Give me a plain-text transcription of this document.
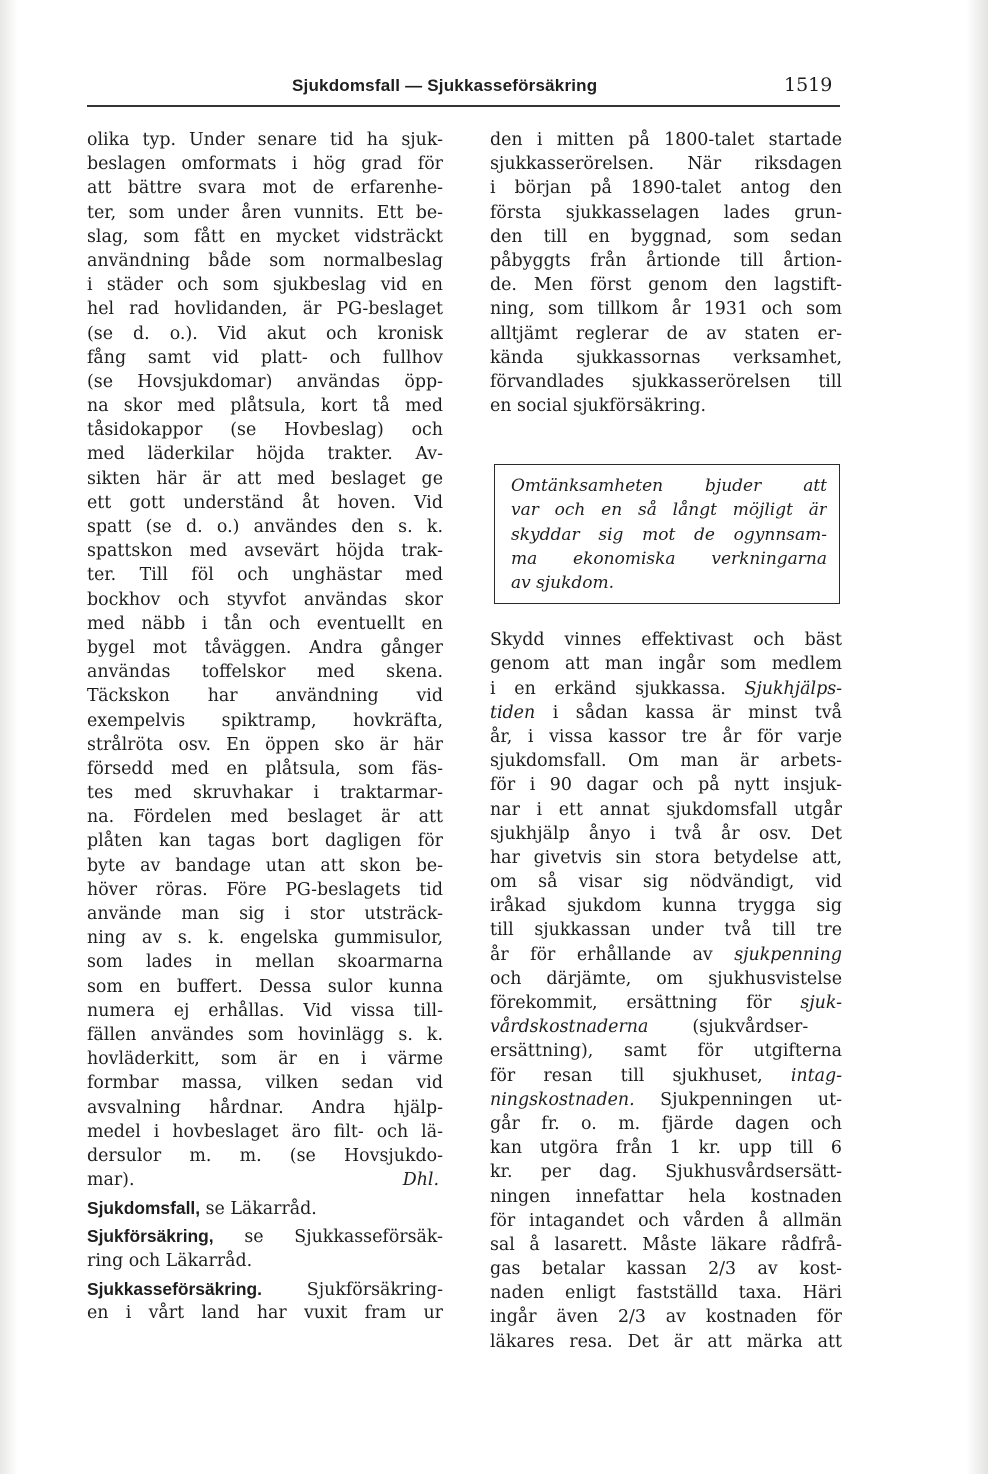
Sjukdomsfall — Sjukkasseförsäkring	1519
olika typ. Under senare tid ha sjuk-
beslagen omformats i hög grad för
att bättre svara mot de erfarenhe-
ter, som under åren vunnits. Ett be-
slag, som fått en mycket vidsträckt
användning både som normalbeslag
i städer och som sjukbeslag vid en
hel rad hovlidanden, är PG-beslaget
(se d. o.). Vid akut och kronisk
fång samt vid platt- och fullhov
(se Hovsjukdomar) användas öpp-
na skor med plåtsula, kort tå med
tåsidokappor (se Hovbeslag) och
med läderkilar höjda trakter. Av-
sikten här är att med beslaget ge
ett gott underständ åt hoven. Vid
spatt (se d. o.) användes den s. k.
spattskon med avsevärt höjda trak-
ter. Till föl och unghästar med
bockhov och styvfot användas skor
med näbb i tån och eventuellt en
bygel mot tåväggen. Andra gånger
användas toffelskor med skena.
Täckskon har användning vid
exempelvis spiktramp, hovkräfta,
strålröta osv. En öppen sko är här
försedd med en plåtsula, som fäs-
tes med skruvhakar i traktarmar-
na. Fördelen med beslaget är att
plåten kan tagas bort dagligen för
byte av bandage utan att skon be-
höver röras. Före PG-beslagets tid
använde man sig i stor utsträck-
ning av s. k. engelska gummisulor,
som lades in mellan skoarmarna
som en buffert. Dessa sulor kunna
numera ej erhållas. Vid vissa till-
fällen användes som hovinlägg s. k.
hovläderkitt, som är en i värme
formbar massa, vilken sedan vid
avsvalning hårdnar. Andra hjälp-
medel i hovbeslaget äro filt- och lä-
dersulor m. m. (se Hovsjukdo-
mar).	Dhl.
Sjukdomsfall, se Läkarråd.
Sjukförsäkring, se Sjukkasseförsäk-
ring och Läkarråd.
Sjukkasseförsäkring. Sjukförsäkring-
en i vårt land har vuxit fram ur
den i mitten på 1800-talet startade
sjukkasserörelsen. När riksdagen
i början på 1890-talet antog den
första sjukkasselagen lades grun-
den till en byggnad, som sedan
påbyggts från årtionde till årtion-
de. Men först genom den lagstift-
ning, som tillkom år 1931 och som
alltjämt reglerar de av staten er-
kända sjukkassornas verksamhet,
förvandlades sjukkasserörelsen till
en social sjukförsäkring.
Omtänksamheten bjuder att
var och en så långt möjligt är
skyddar sig mot de ogynnsam-
ma ekonomiska verkningarna
av sjukdom.
Skydd vinnes effektivast och bäst
genom att man ingår som medlem
i en erkänd sjukkassa. Sjukhjälps-
tiden i sådan kassa är minst två
år, i vissa kassor tre år för varje
sjukdomsfall. Om man är arbets-
för i 90 dagar och på nytt insjuk-
nar i ett annat sjukdomsfall utgår
sjukhjälp ånyo i två år osv. Det
har givetvis sin stora betydelse att,
om så visar sig nödvändigt, vid
iråkad sjukdom kunna trygga sig
till sjukkassan under två till tre
år för erhållande av sjukpenning
och därjämte, om sjukhusvistelse
förekommit, ersättning för sjuk-
vårdskostnaderna	(sjukvårdser-
ersättning), samt för utgifterna
för resan till sjukhuset, intag-
ningskostnaden. Sjukpenningen ut-
går fr. o. m. fjärde dagen och
kan utgöra från 1 kr. upp till 6
kr. per dag. Sjukhusvårdsersätt-
ningen innefattar hela kostnaden
för intagandet och vården å allmän
sal å lasarett. Måste läkare rådfrå-
gas betalar kassan 2/3 av kost-
naden enligt fastställd taxa. Häri
ingår även 2/3 av kostnaden för
läkares resa. Det är att märka att
